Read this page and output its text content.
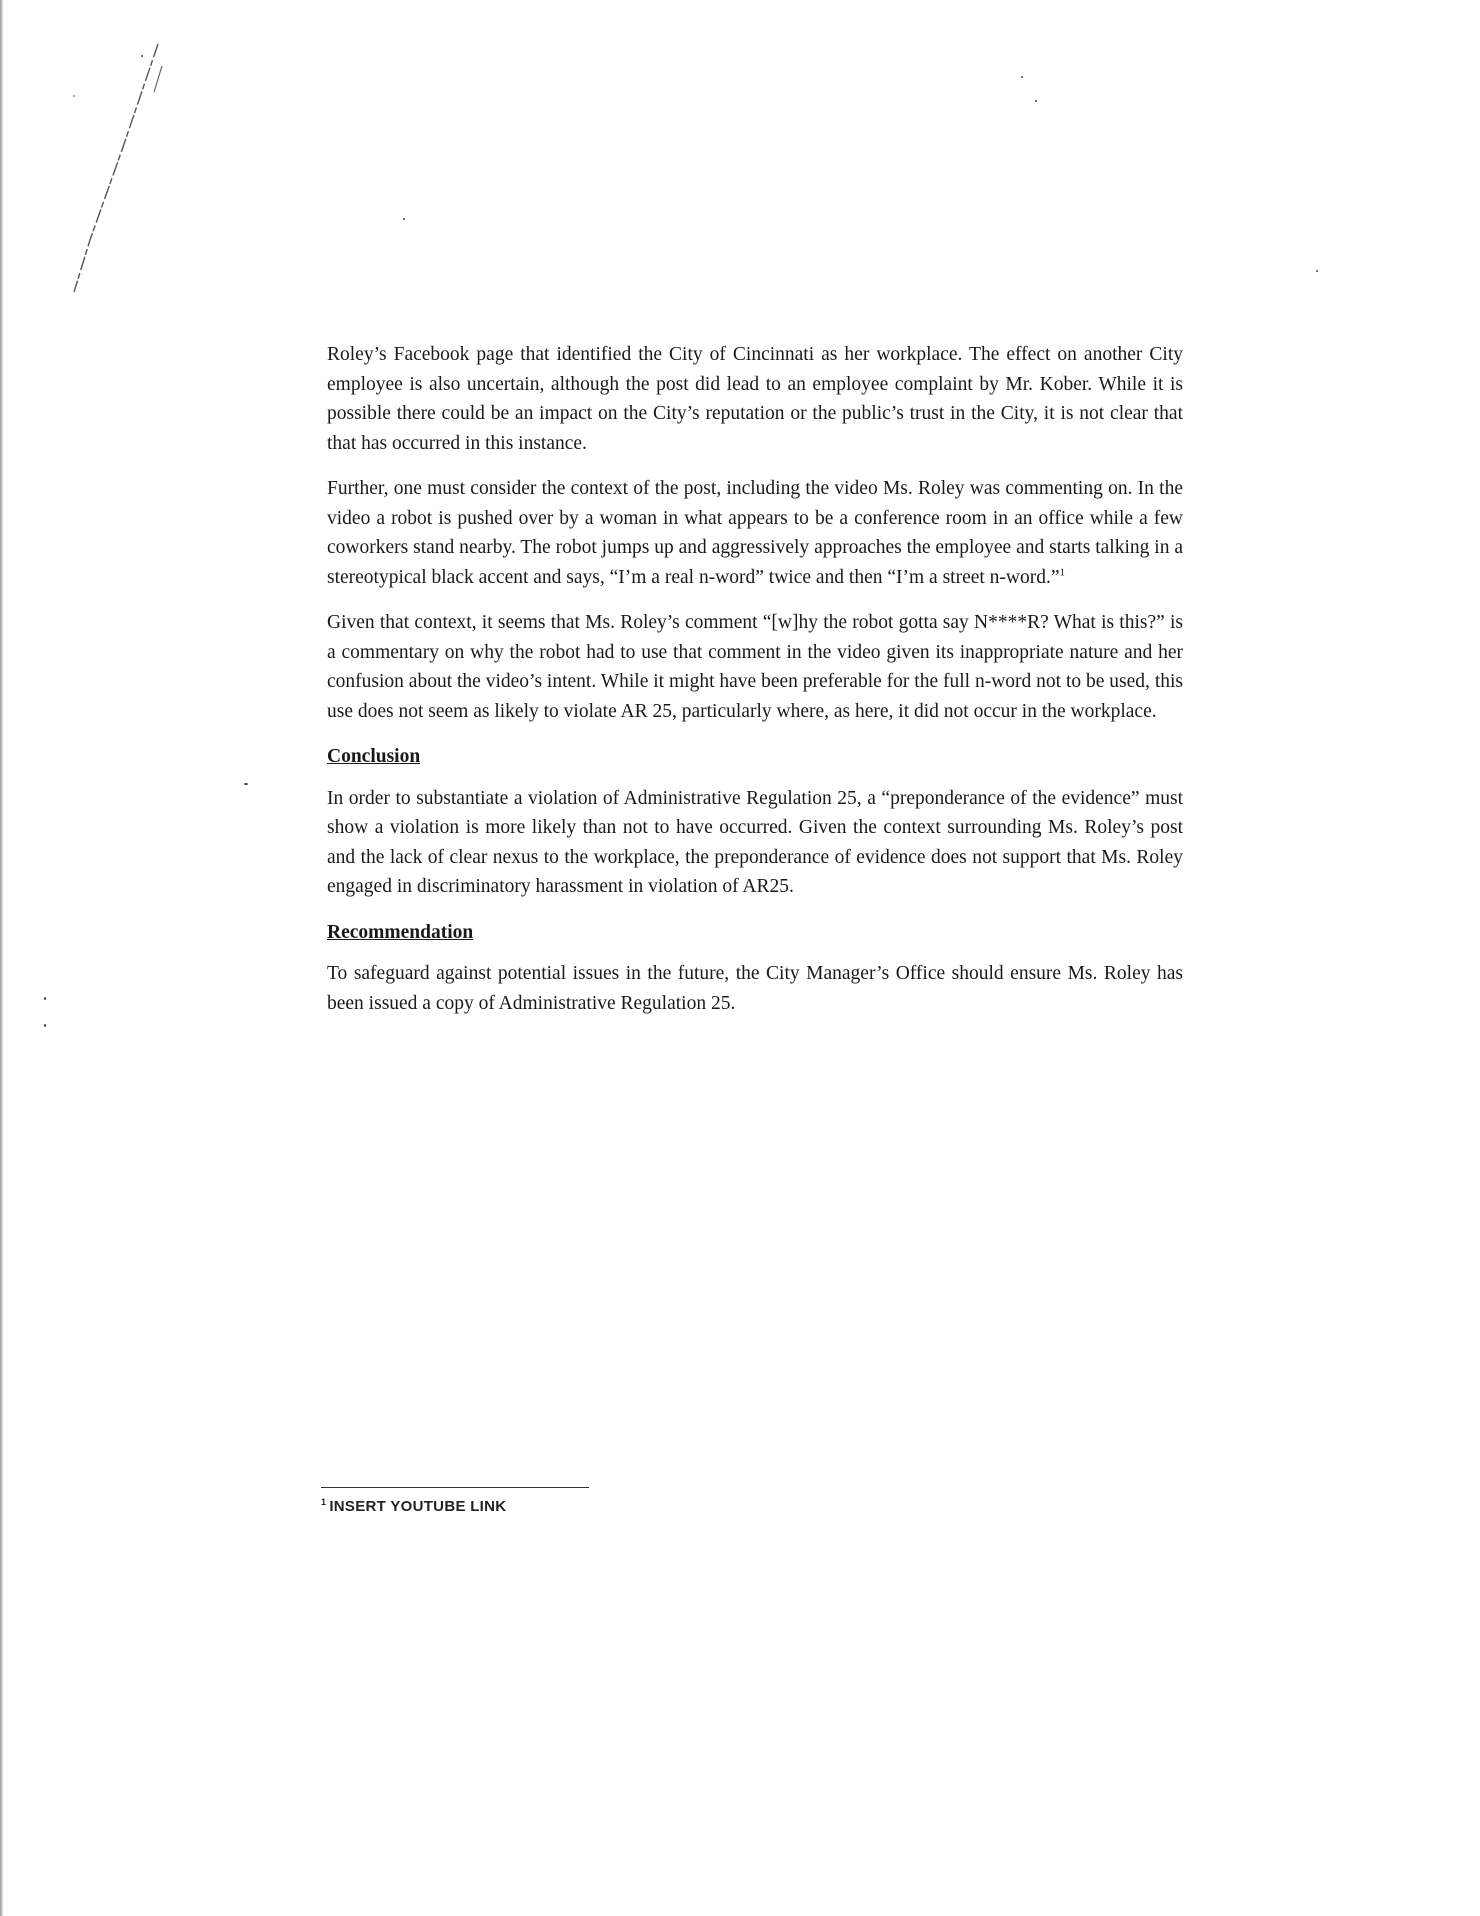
Roley’s Facebook page that identified the City of Cincinnati as her workplace. The effect on another City employee is also uncertain, although the post did lead to an employee complaint by Mr. Kober. While it is possible there could be an impact on the City’s reputation or the public’s trust in the City, it is not clear that that has occurred in this instance.

Further, one must consider the context of the post, including the video Ms. Roley was commenting on. In the video a robot is pushed over by a woman in what appears to be a conference room in an office while a few coworkers stand nearby. The robot jumps up and aggressively approaches the employee and starts talking in a stereotypical black accent and says, “I’m a real n-word” twice and then “I’m a street n-word.”$^1$

Given that context, it seems that Ms. Roley’s comment “[w]hy the robot gotta say N****R? What is this?” is a commentary on why the robot had to use that comment in the video given its inappropriate nature and her confusion about the video’s intent. While it might have been preferable for the full n-word not to be used, this use does not seem as likely to violate AR 25, particularly where, as here, it did not occur in the workplace.

Conclusion

In order to substantiate a violation of Administrative Regulation 25, a “preponderance of the evidence” must show a violation is more likely than not to have occurred. Given the context surrounding Ms. Roley’s post and the lack of clear nexus to the workplace, the preponderance of evidence does not support that Ms. Roley engaged in discriminatory harassment in violation of AR25.

Recommendation

To safeguard against potential issues in the future, the City Manager’s Office should ensure Ms. Roley has been issued a copy of Administrative Regulation 25.

$^1$ INSERT YOUTUBE LINK
